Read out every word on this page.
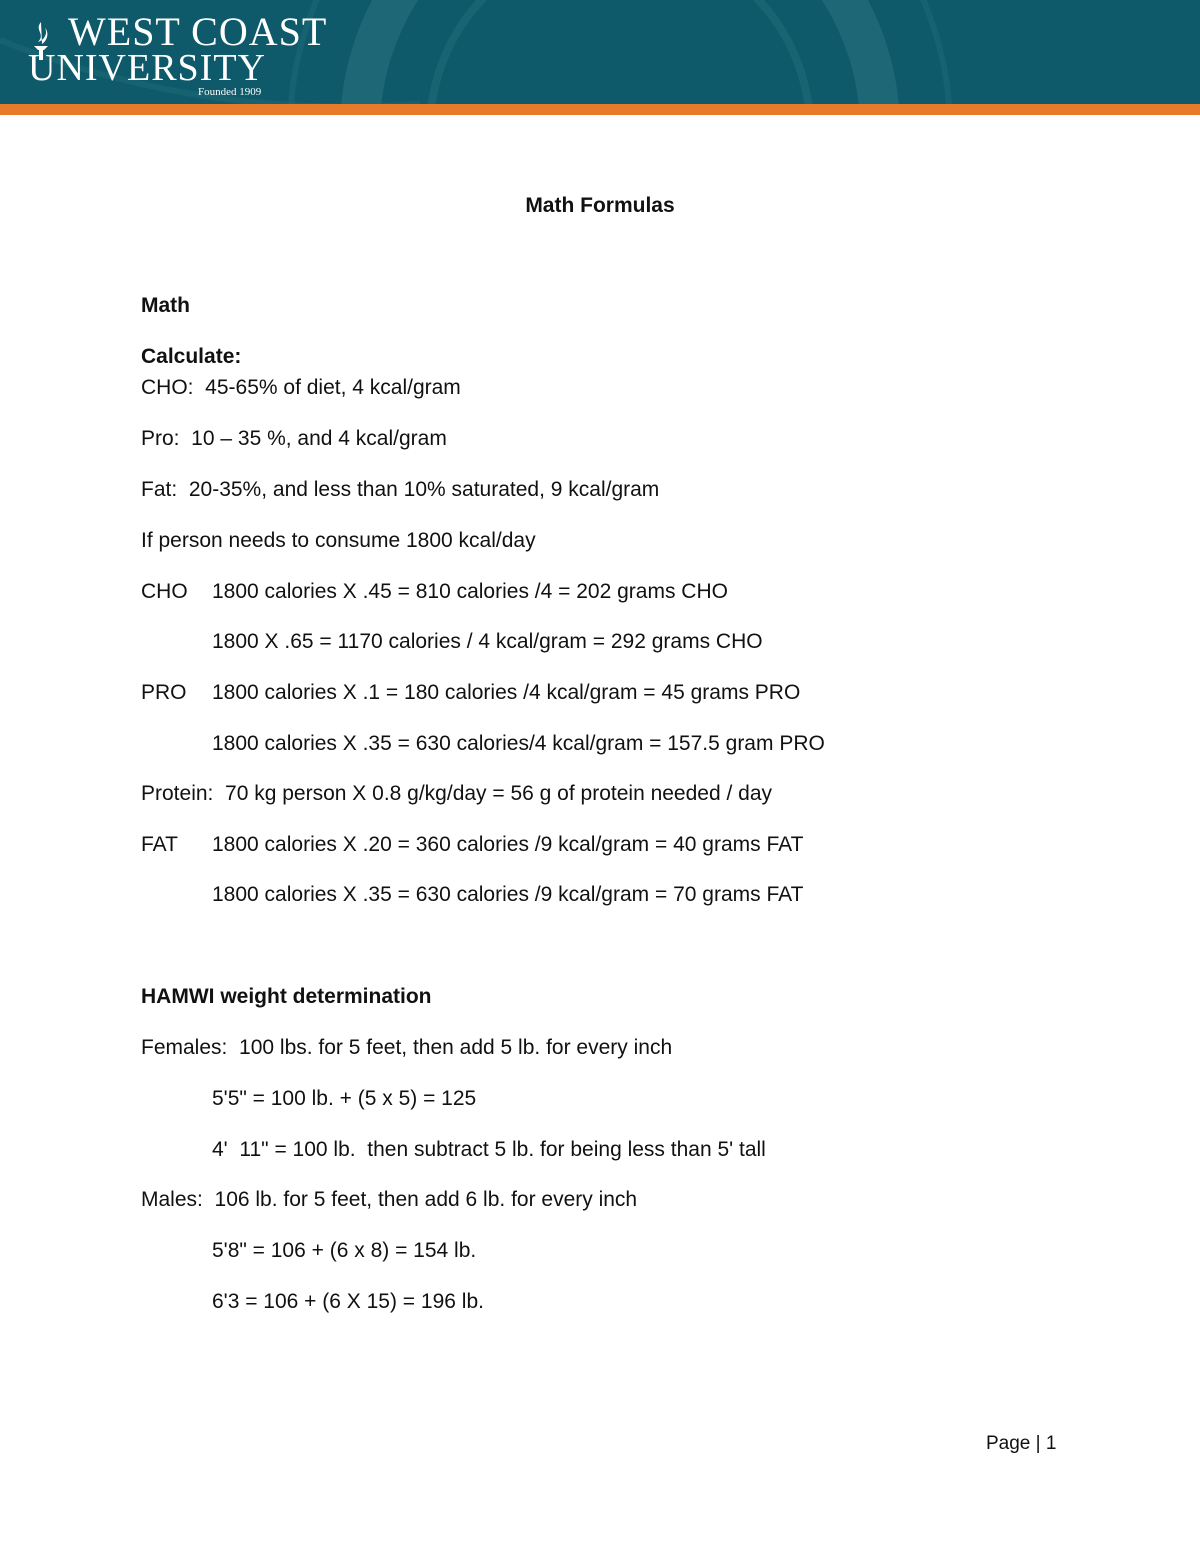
WEST COAST
UNIVERSITY
Founded 1909
Math Formulas
Math
Calculate:
CHO:  45-65% of diet, 4 kcal/gram
Pro:  10 – 35 %, and 4 kcal/gram
Fat:  20-35%, and less than 10% saturated, 9 kcal/gram
If person needs to consume 1800 kcal/day
CHO 1800 calories X .45 = 810 calories /4 = 202 grams CHO
1800 X .65 = 1170 calories / 4 kcal/gram = 292 grams CHO
PRO 1800 calories X .1 = 180 calories /4 kcal/gram = 45 grams PRO
1800 calories X .35 = 630 calories/4 kcal/gram = 157.5 gram PRO
Protein:  70 kg person X 0.8 g/kg/day = 56 g of protein needed / day
FAT 1800 calories X .20 = 360 calories /9 kcal/gram = 40 grams FAT
1800 calories X .35 = 630 calories /9 kcal/gram = 70 grams FAT
HAMWI weight determination
Females:  100 lbs. for 5 feet, then add 5 lb. for every inch
5'5" = 100 lb. + (5 x 5) = 125
4'  11" = 100 lb.  then subtract 5 lb. for being less than 5' tall
Males:  106 lb. for 5 feet, then add 6 lb. for every inch
5'8" = 106 + (6 x 8) = 154 lb.
6'3 = 106 + (6 X 15) = 196 lb.
Page | 1
